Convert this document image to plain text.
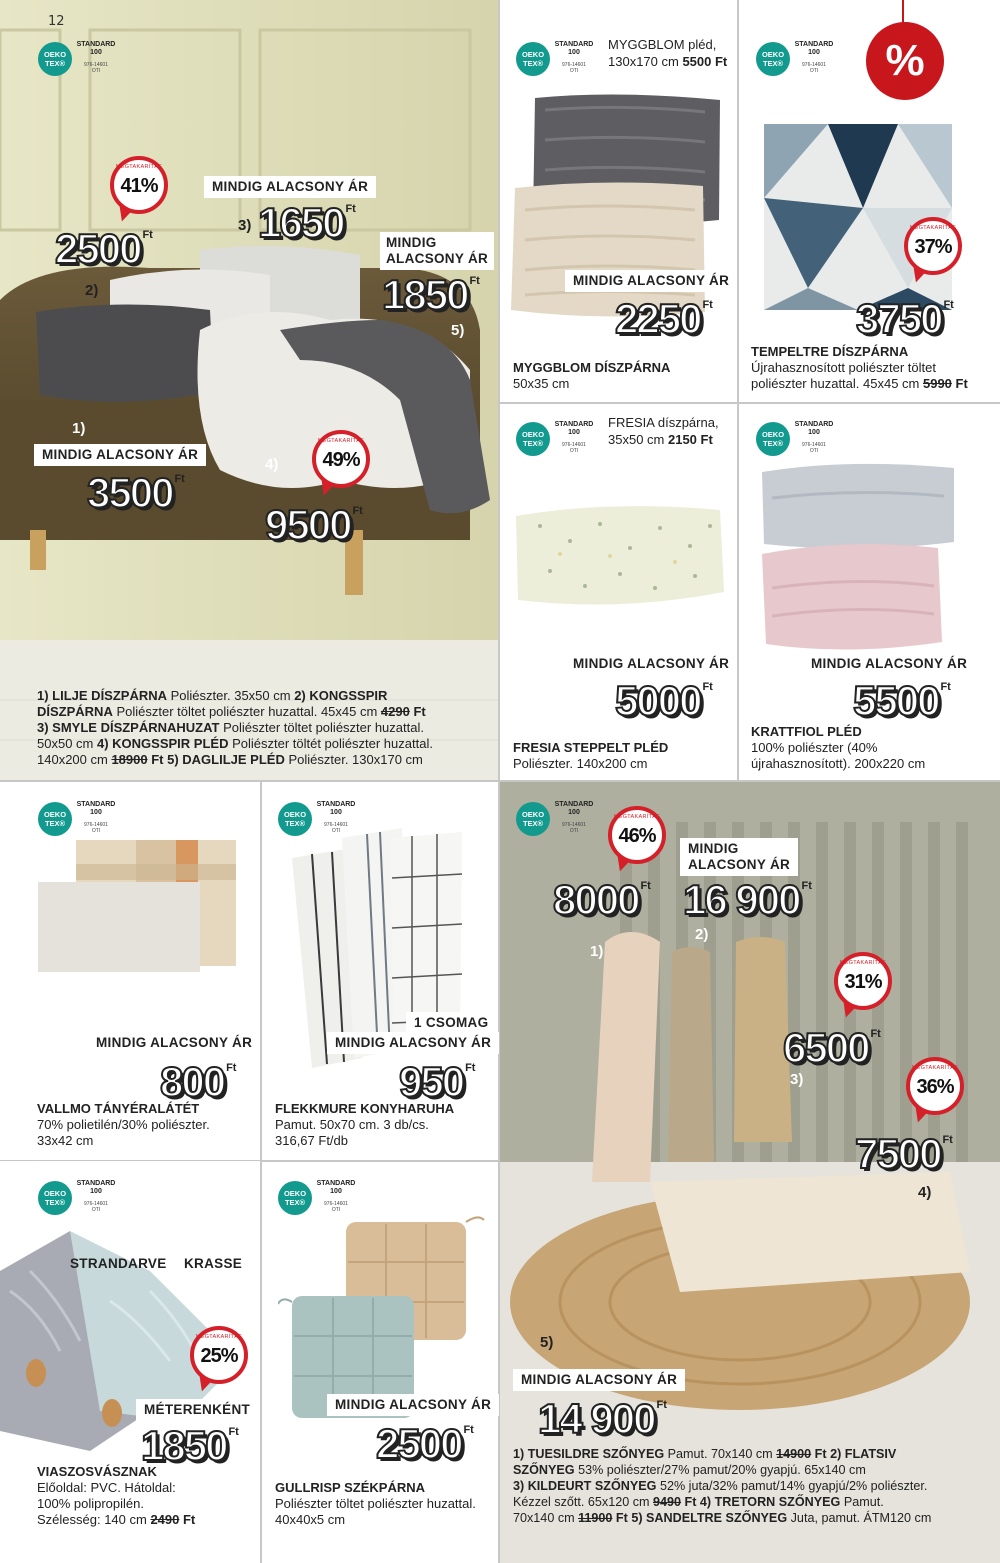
OEKO
TEX®
STANDARD
100
976-14601
OTI
12
MEGTAKARÍTÁS
41%	MINDIG ALACSONY ÁR
2500 $^{Ft}$
2)
3) 1650 $^{Ft}$
MINDIG
ALACSONY ÁR
1850 $^{Ft}$
5)
1)
MINDIG ALACSONY ÁR
3500 $^{Ft}$
4)
MEGTAKARÍTÁS
49%
9500 $^{Ft}$
1) LILJE DÍSZPÁRNA Poliészter. 35x50 cm 2) KONGSSPIR
DÍSZPÁRNA Poliészter töltet poliészter huzattal. 45x45 cm 4290 Ft
3) SMYLE DÍSZPÁRNAHUZAT Poliészter töltet poliészter huzattal.
50x50 cm 4) KONGSSPIR PLÉD Poliészter töltét poliészter huzattal.
140x200 cm 18900 Ft 5) DAGLILJE PLÉD Poliészter. 130x170 cm
OEKO
TEX®
STANDARD
100
976-14601
OTI
MYGGBLOM pléd,
130x170 cm 5500 Ft
MINDIG ALACSONY ÁR
2250 $^{Ft}$
MYGGBLOM DÍSZPÁRNA
50x35 cm
OEKO
TEX®
STANDARD
100
976-14601
OTI	%
MEGTAKARÍTÁS
37%
3750 $^{Ft}$
TEMPELTRE DÍSZPÁRNA
Újrahasznosított poliészter töltet
poliészter huzattal. 45x45 cm 5990 Ft
OEKO
TEX®
STANDARD
100
976-14601
OTI
FRESIA díszpárna,
35x50 cm 2150 Ft
MINDIG ALACSONY ÁR
5000 $^{Ft}$
FRESIA STEPPELT PLÉD
Poliészter. 140x200 cm
OEKO
TEX®
STANDARD
100
976-14601
OTI
MINDIG ALACSONY ÁR
5500 $^{Ft}$
KRATTFIOL PLÉD
100% poliészter (40%
újrahasznosított). 200x220 cm
OEKO
TEX®
STANDARD
100
976-14601
OTI
MINDIG ALACSONY ÁR
800 $^{Ft}$
VALLMO TÁNYÉRALÁTÉT
70% polietilén/30% poliészter.
33x42 cm
OEKO
TEX®
STANDARD
100
976-14601
OTI
1 CSOMAG
MINDIG ALACSONY ÁR
950 $^{Ft}$
FLEKKMURE KONYHARUHA
Pamut. 50x70 cm. 3 db/cs.
316,67 Ft/db
OEKO
TEX®
STANDARD
100
976-14601
OTI
STRANDARVE	KRASSE
MEGTAKARÍTÁS
25%
MÉTERENKÉNT
1850 $^{Ft}$
VIASZOSVÁSZNAK
Előoldal: PVC. Hátoldal:
100% polipropilén.
Szélesség: 140 cm 2490 Ft
OEKO
TEX®
STANDARD
100
976-14601
OTI
MINDIG ALACSONY ÁR
2500 $^{Ft}$
GULLRISP SZÉKPÁRNA
Poliészter töltet poliészter huzattal.
40x40x5 cm
OEKO
TEX®
STANDARD
100
976-14601
OTI
MEGTAKARÍTÁS
46%
MINDIG
ALACSONY ÁR
8000 $^{Ft}$ 16 900 $^{Ft}$
2)
1)
MEGTAKARÍTÁS
31%
6500 $^{Ft}$
3)
MEGTAKARÍTÁS
36%
7500 $^{Ft}$
4)
5)
MINDIG ALACSONY ÁR
14 900 $^{Ft}$
1) TUESILDRE SZŐNYEG Pamut. 70x140 cm 14900 Ft 2) FLATSIV
SZŐNYEG 53% poliészter/27% pamut/20% gyapjú. 65x140 cm
3) KILDEURT SZŐNYEG 52% juta/32% pamut/14% gyapjú/2% poliészter.
Kézzel szőtt. 65x120 cm 9490 Ft 4) TRETORN SZŐNYEG Pamut.
70x140 cm 11900 Ft 5) SANDELTRE SZŐNYEG Juta, pamut. ÁTM120 cm
